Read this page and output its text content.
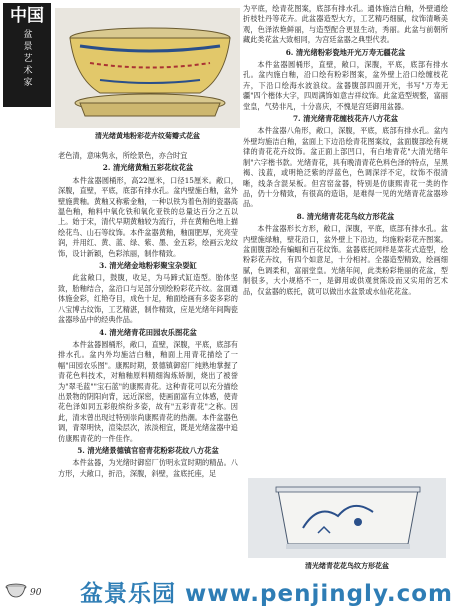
中国
盆景艺术家
清光绪黄地粉彩花卉纹菊瓣式花盆

老色清，意味隽永，所绘景色，亦合时宜

2. 清光绪黄釉五彩花纹花盆

本件盆器圆桶形，高22厘米，口径15厘米。敞口，深腹，直壁，平底，底部有排水孔。盆内壁施白釉，盆外壁施黄釉。黄釉又称紫金釉，一种以铁为着色剂的瓷器高温色釉，釉料中氧化铁和氧化亚铁的总量达百分之五以上。始于宋，清代早期黄釉较为流行，并在黄釉色地上描绘花鸟、山石等纹饰。本件盆器黄釉，釉面肥厚，光亮莹润，并用红、黄、蓝、绿、紫、墨、金五彩，绘画云龙纹饰，设计新颖，色彩浓丽，制作精致。

3. 清光绪金地粉彩聚宝杂耍缸

此盆敞口，鼓腹，收足，为马蹄式缸造型。胎体坚致，胎釉结合，盆沿口与足部分别绘粉彩花卉纹。盆面通体施金彩，红艳夺目，成色十足，釉面绘画有多姿多彩的八宝博古纹饰，工艺精湛，制作精致，应是光绪年间陶瓷盆器珍品中的经典作品。

4. 清光绪青花田园农乐图花盆

本件盆器圆桶形，敞口，直壁，深腹，平底，底部有排水孔。盆内外均施洁白釉，釉面上用青花描绘了一幅"田园农乐图"。康熙时期，景德镇御窑厂纯熟地掌握了青花色料技术，对釉釉原料精细淘炼矫制，烧出了被誉为"翠毛蓝""宝石蓝"的康熙青花。这种青花可以充分描绘出景物的阴阳向背，远近深密，使画面富有立体感，使青花色泽如同五彩般缤纷多姿，故有"五彩青花"之称。因此，清末曾出现过特别崇尚康熙青花的热潮。本件盆器色调，青翠明快，渲染层次，浓淡相宜，既是光绪盆器中追仿康熙青花的一件佳作。

5. 清光绪景德镇官窑青花粉彩花纹八方花盆

本件盆器，为光绪时御窑厂仿明永宣时期的精品。八方形，大敞口，折沿，深腹，斜壁，盆底托座，足

为平底，绘青花图案，底部有排水孔。通体施洁白釉，外壁通绘折枝牡丹等花卉。此盆器造型大方，工艺精巧细腻，纹饰清晰美观，色泽浓艳鲜丽，与造型配合更显生动，秀丽。此盆与前朝所藏此类花盆大致相同，为宫廷盆器之典型代表。

6. 清光绪粉彩瓷地开光万寿无疆花盆

本件盆器圆桶形，直壁，敞口，深腹，平底，底部有排水孔。盆内施白釉，沿口绘有粉彩图案，盆外壁上沿口绘缠枝花卉，下沿口绘海水波浪纹。盆器腹部四面开光，书写"万寿无疆"四个楷体大字，四周满饰如意吉祥纹饰。此盆造型规整，富丽堂皇，气势非凡，十分喜庆，不愧是宫廷御用盆器。

7. 清光绪青花缠枝花卉八方花盆

本件盆器八角形，敞口，深腹，平底，底部有排水孔。盆内外壁均施洁白釉，盆面上下边沿绘青花图案纹，盆面腹部绘有规律的青花花卉纹饰。盆正面上部凹口，有白地青花"大清光绪年制"六字楷书款。光绪青花，具有晚清青花色料色泽的特点，呈黑褐、浅蓝，或明艳泛紫的浮蓝色，色调深浮不定，纹饰不很清晰，线条含混呆板。但宫窑盆器，特别是仿康熙青花一类的作品，仍十分精致，有很高的造诣，是难得一见的光绪青花盆器珍品。

8. 清光绪青花花鸟纹方形花盆

本件盆器形长方形，敞口，深腹，平底，底部有排水孔。盆内壁施绿釉，壁花沿口，盆外壁上下沿边，均施粉彩花卉图案。盆面腹部绘有蝙蝠和百花纹饰。盆器底托同样是菜花式造型，绘粉彩花卉纹，有四个如意足，十分相衬。全器造型精致，绘画细腻，色调柔和，富丽堂皇。光绪年间，此类粉彩艳丽的花盆，型制很多，大小规格不一，是御用或供观赏陈设而又实用的艺术品，仅盆器的底托，就可以做出水盆景或水仙花花盆。

清光绪青花花鸟纹方形花盆
90 盆景乐园 www.penjingly.com
